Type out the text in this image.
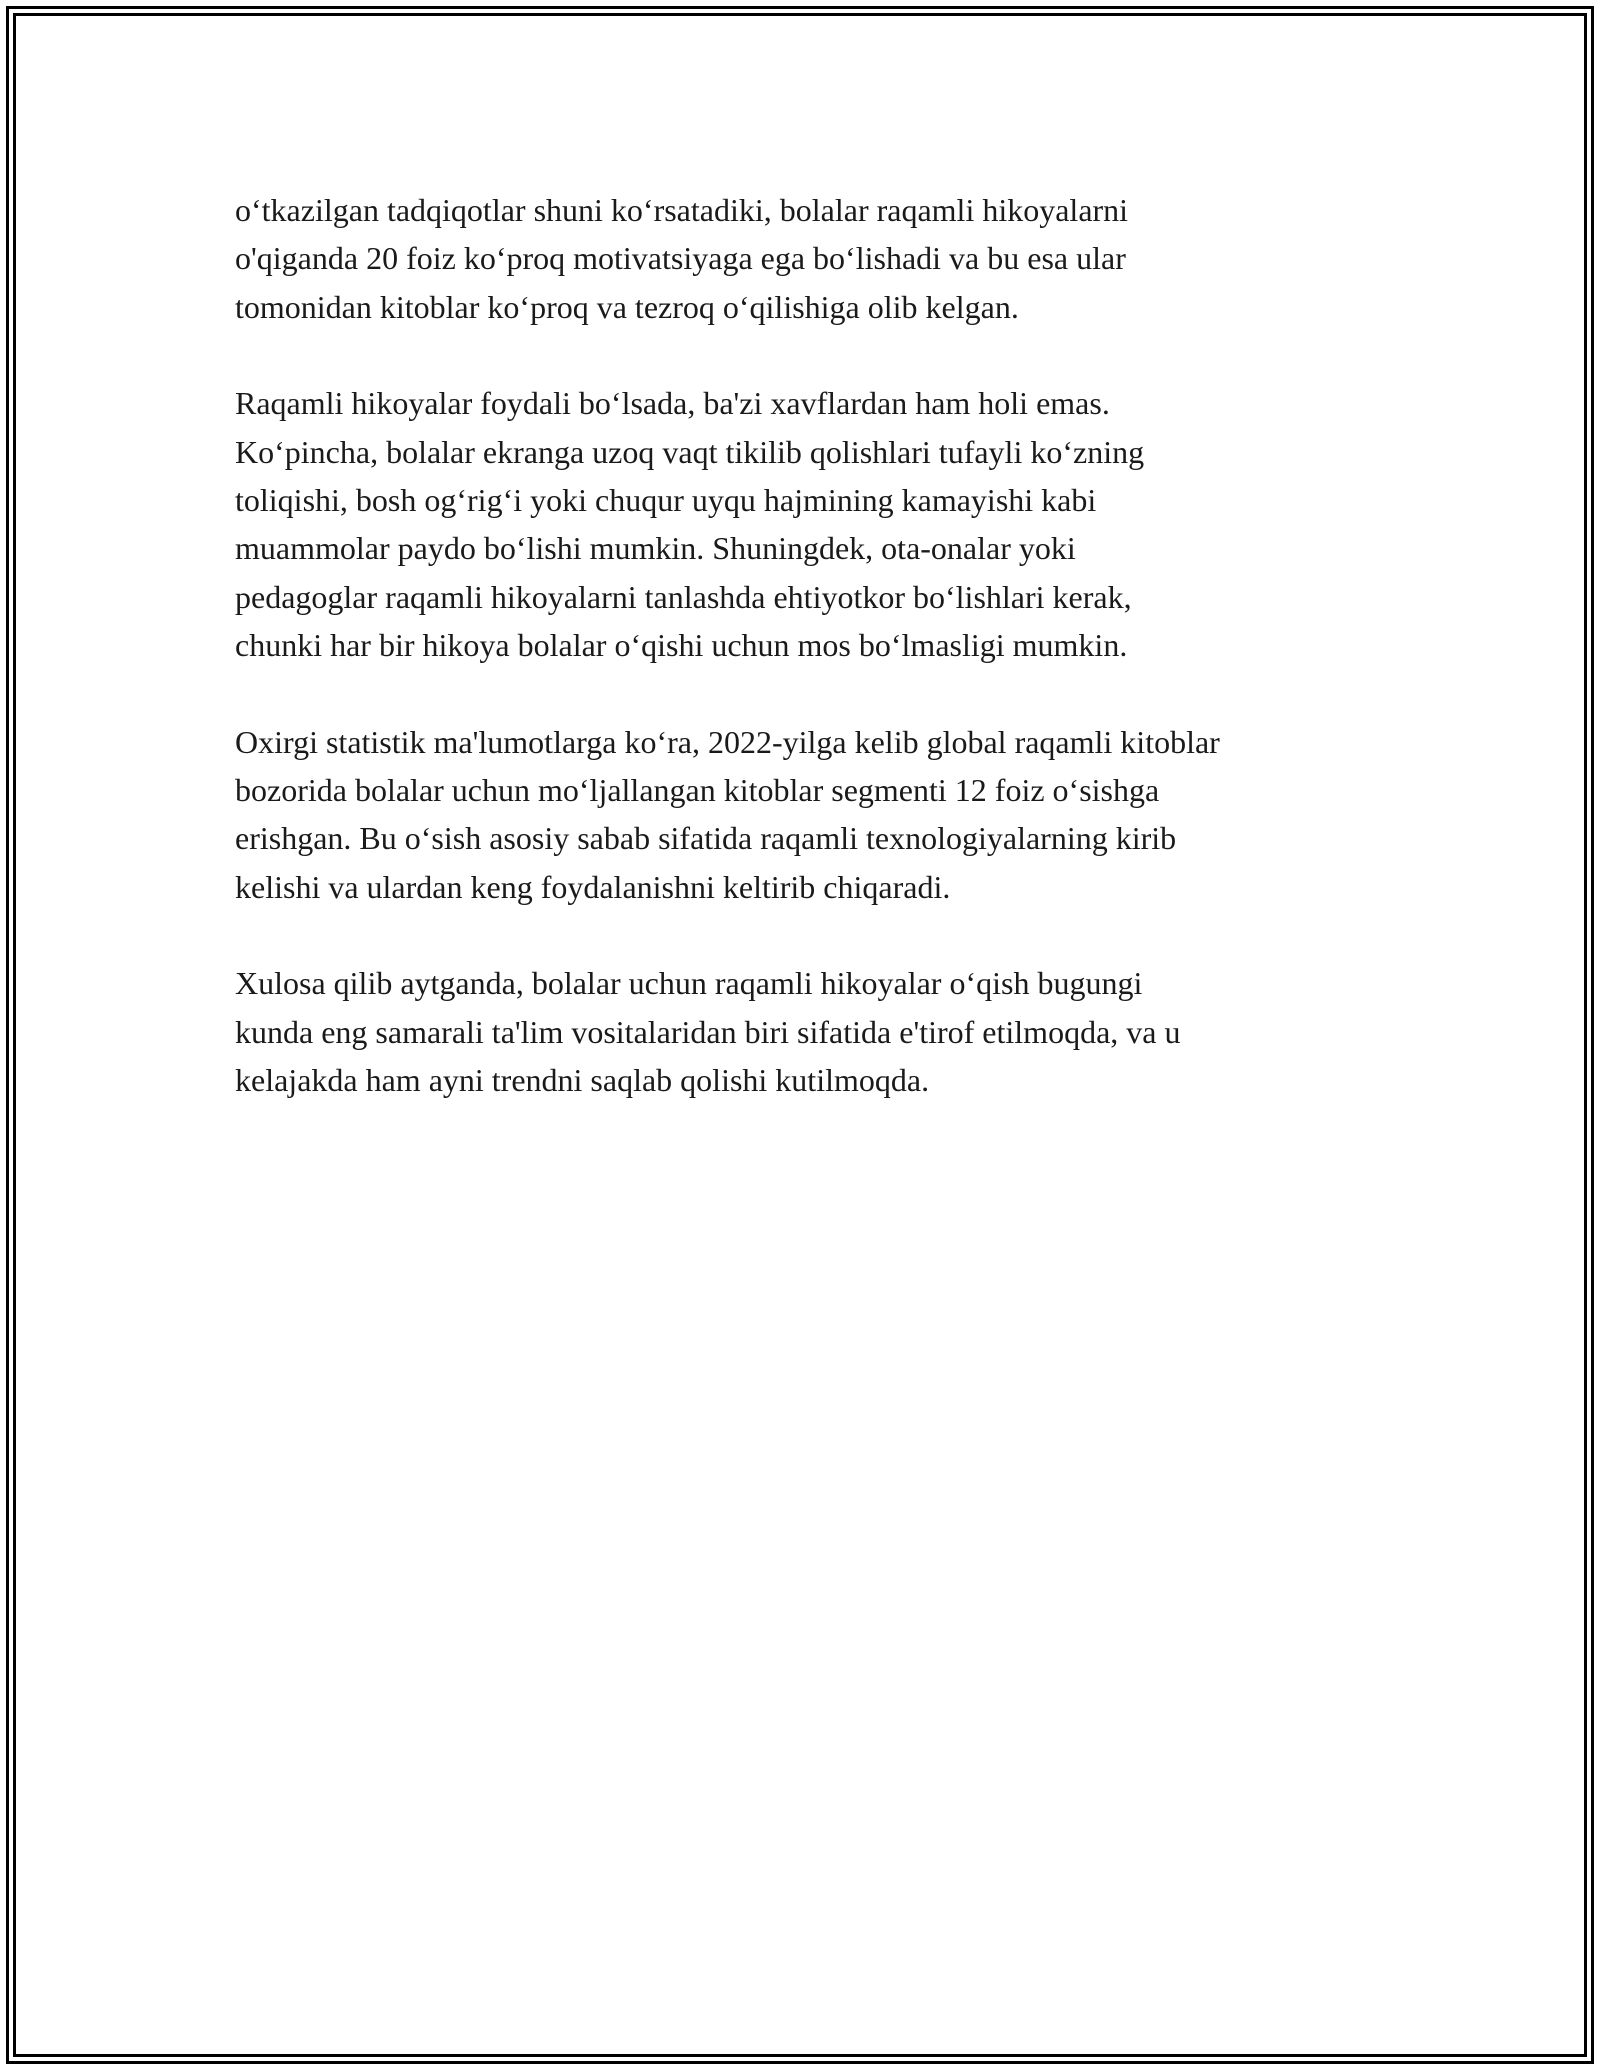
o‘tkazilgan tadqiqotlar shuni ko‘rsatadiki, bolalar raqamli hikoyalarni
o'qiganda 20 foiz ko‘proq motivatsiyaga ega bo‘lishadi va bu esa ular
tomonidan kitoblar ko‘proq va tezroq o‘qilishiga olib kelgan.

Raqamli hikoyalar foydali bo‘lsada, ba'zi xavflardan ham holi emas.
Ko‘pincha, bolalar ekranga uzoq vaqt tikilib qolishlari tufayli ko‘zning
toliqishi, bosh og‘rig‘i yoki chuqur uyqu hajmining kamayishi kabi
muammolar paydo bo‘lishi mumkin. Shuningdek, ota-onalar yoki
pedagoglar raqamli hikoyalarni tanlashda ehtiyotkor bo‘lishlari kerak,
chunki har bir hikoya bolalar o‘qishi uchun mos bo‘lmasligi mumkin.

Oxirgi statistik ma'lumotlarga ko‘ra, 2022-yilga kelib global raqamli kitoblar
bozorida bolalar uchun mo‘ljallangan kitoblar segmenti 12 foiz o‘sishga
erishgan. Bu o‘sish asosiy sabab sifatida raqamli texnologiyalarning kirib
kelishi va ulardan keng foydalanishni keltirib chiqaradi.

Xulosa qilib aytganda, bolalar uchun raqamli hikoyalar o‘qish bugungi
kunda eng samarali ta'lim vositalaridan biri sifatida e'tirof etilmoqda, va u
kelajakda ham ayni trendni saqlab qolishi kutilmoqda.
